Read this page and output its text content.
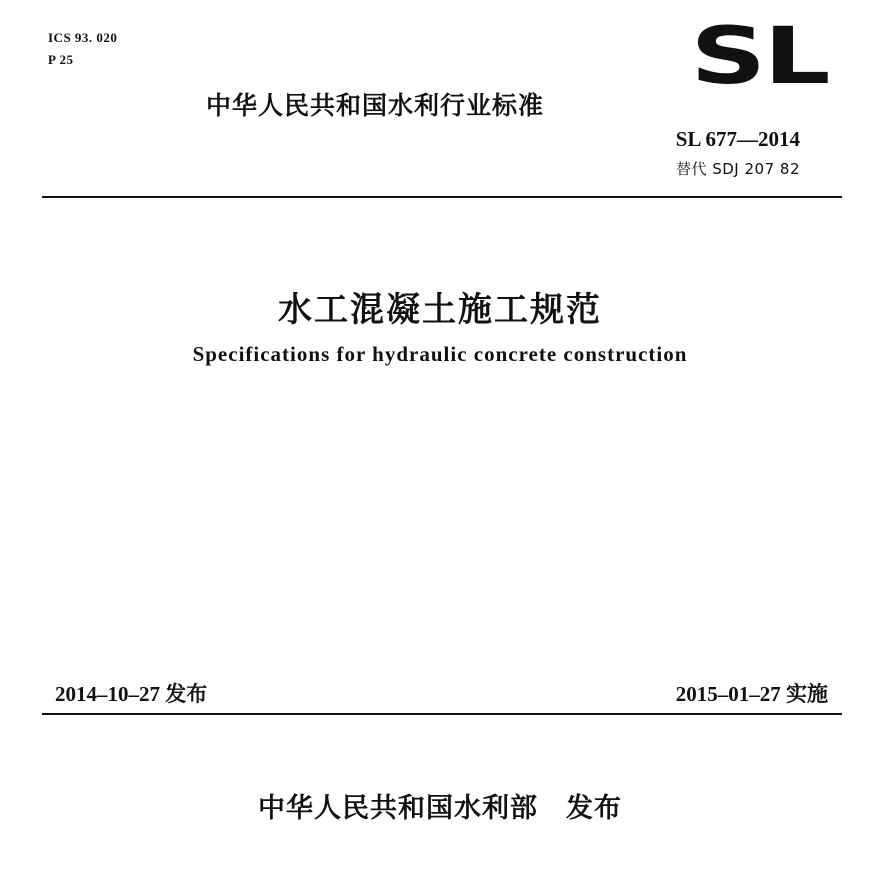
ICS 93. 020
P 25	SL
中华人民共和国水利行业标准
SL 677—2014
替代 SDJ 207 82
水工混凝土施工规范
Specifications for hydraulic concrete construction
2014–10–27 发布	2015–01–27 实施
中华人民共和国水利部 发布
